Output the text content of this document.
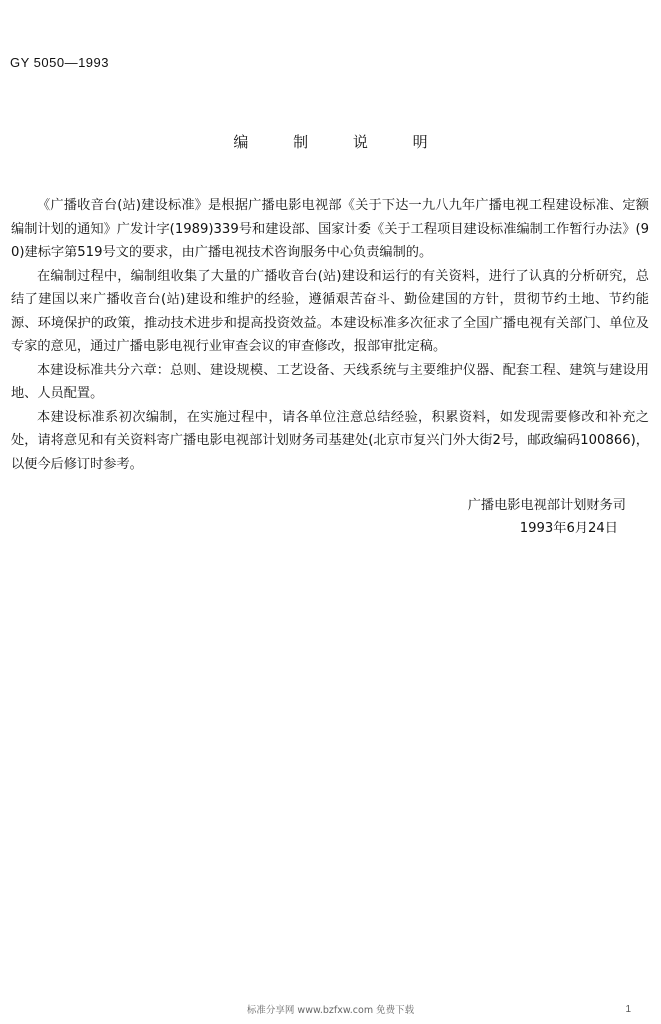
GY 5050—1993
编 制 说 明

《广播收音台(站)建设标准》是根据广播电影电视部《关于下达一九八九年广播电视工程建设标准、定额编制计划的通知》广发计字(1989)339号和建设部、国家计委《关于工程项目建设标准编制工作暂行办法》(90)建标字第519号文的要求，由广播电视技术咨询服务中心负责编制的。

在编制过程中，编制组收集了大量的广播收音台(站)建设和运行的有关资料，进行了认真的分析研究，总结了建国以来广播收音台(站)建设和维护的经验，遵循艰苦奋斗、勤俭建国的方针，贯彻节约土地、节约能源、环境保护的政策，推动技术进步和提高投资效益。本建设标准多次征求了全国广播电视有关部门、单位及专家的意见，通过广播电影电视行业审查会议的审查修改，报部审批定稿。

本建设标准共分六章：总则、建设规模、工艺设备、天线系统与主要维护仪器、配套工程、建筑与建设用地、人员配置。

本建设标准系初次编制，在实施过程中，请各单位注意总结经验，积累资料，如发现需要修改和补充之处，请将意见和有关资料寄广播电影电视部计划财务司基建处(北京市复兴门外大街2号，邮政编码100866)，以便今后修订时参考。

广播电影电视部计划财务司
1993年6月24日
标准分享网 www.bzfxw.com 免费下载	1
